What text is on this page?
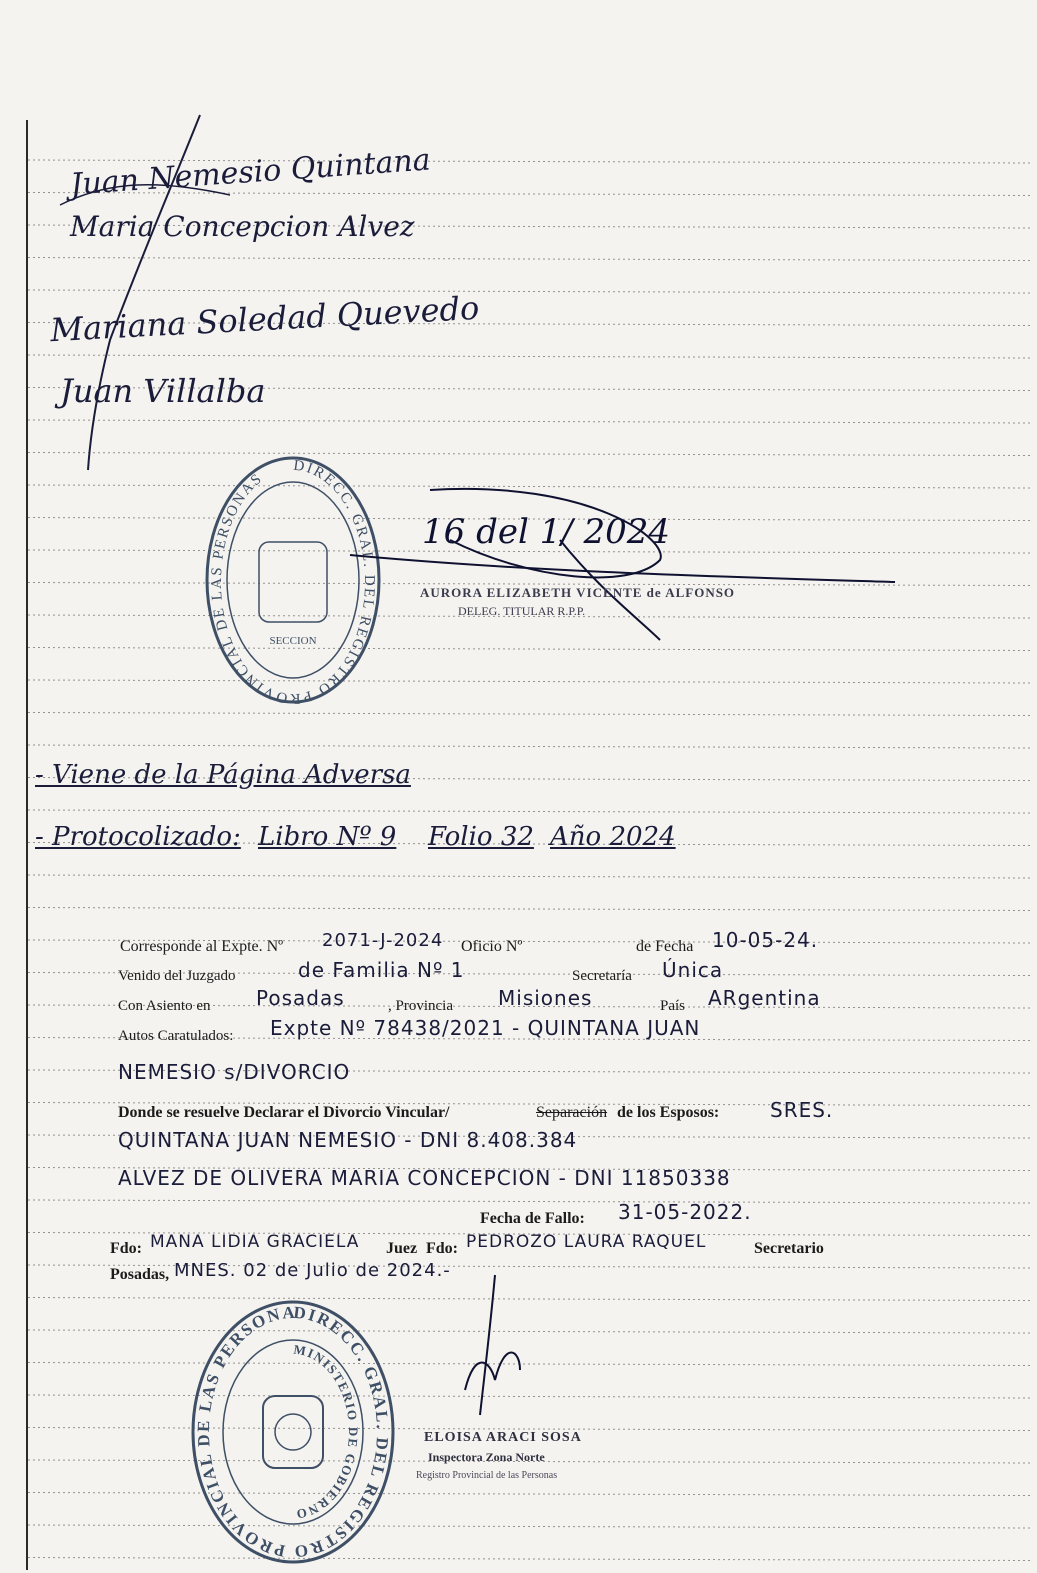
Juan Nemesio Quintana
Maria Concepcion Alvez
Mariana Soledad Quevedo
Juan Villalba
DIRECC. GRAL. DEL REGISTRO PROVINCIAL DE LAS PERSONAS
SECCION
16 del 1/ 2024
AURORA ELIZABETH VICENTE de ALFONSO
DELEG. TITULAR R.P.P.
- Viene de la Página Adversa
- Protocolizado: Libro Nº 9 Folio 32 Año 2024
Corresponde al Expte. Nº 2071-J-2024 Oficio Nº	de Fecha 10-05-24.
Venido del Juzgado	de Familia Nº 1	Secretaría Única
Con Asiento en Posadas	, Provincia Misiones	País ARgentina
Autos Caratulados: Expte Nº 78438/2021 - QUINTANA JUAN
NEMESIO s/DIVORCIO
Donde se resuelve Declarar el Divorcio Vincular/	Separación de los Esposos:	SRES.
QUINTANA JUAN NEMESIO - DNI 8.408.384
ALVEZ DE OLIVERA MARIA CONCEPCION - DNI 11850338
Fecha de Fallo: 31-05-2022.
Fdo: MANA LIDIA GRACIELA Juez Fdo: PEDROZO LAURA RAQUEL	Secretario
Posadas, MNES. 02 de Julio de 2024.-
DIRECC. GRAL. DEL REGISTRO PROVINCIAL DE LAS PERSONA
MINISTERIO DE GOBIERNO
ELOISA ARACI SOSA
Inspectora Zona Norte
Registro Provincial de las Personas
